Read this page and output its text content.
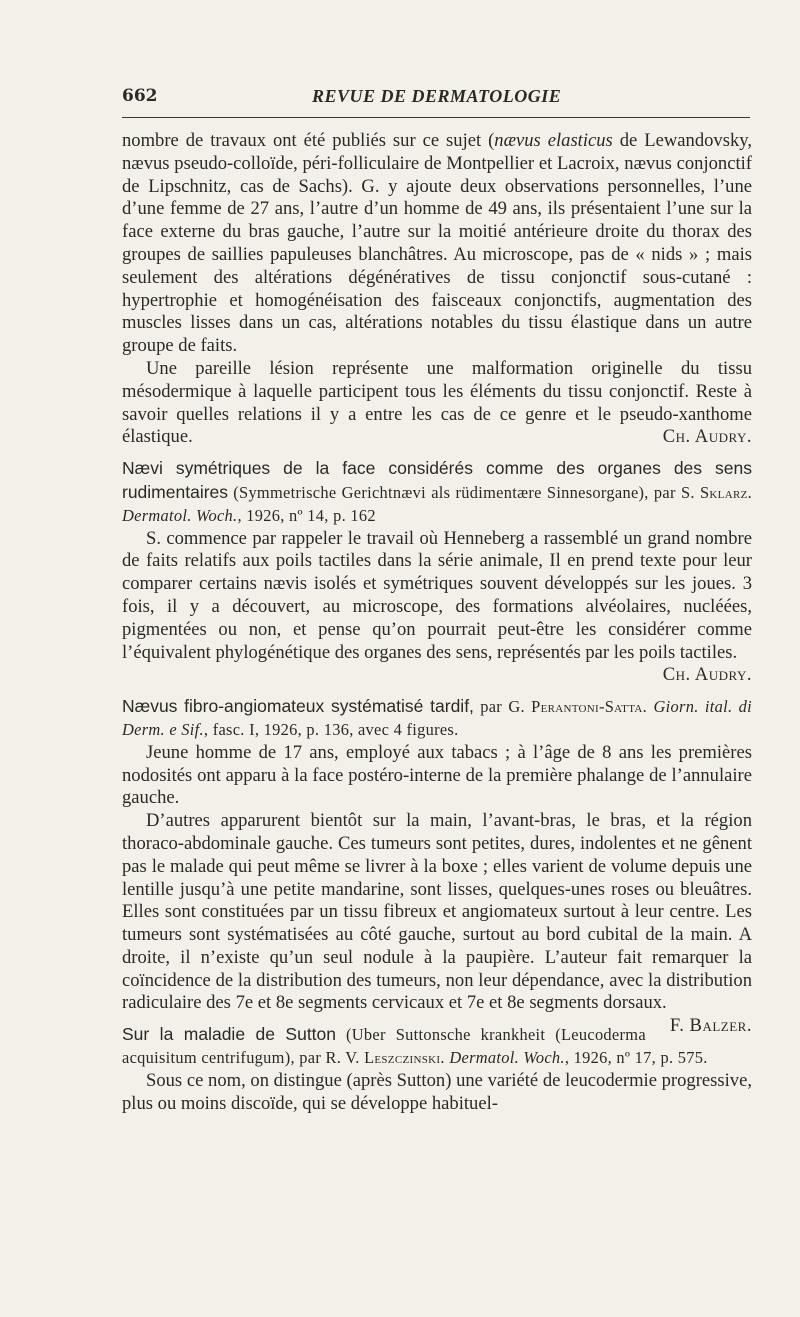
662	REVUE DE DERMATOLOGIE

nombre de travaux ont été publiés sur ce sujet (nævus elasticus de Lewandovsky, nævus pseudo-colloïde, péri-folliculaire de Montpellier et Lacroix, nævus conjonctif de Lipschnitz, cas de Sachs). G. y ajoute deux observations personnelles, l’une d’une femme de 27 ans, l’autre d’un homme de 49 ans, ils présentaient l’une sur la face externe du bras gauche, l’autre sur la moitié antérieure droite du thorax des groupes de saillies papuleuses blanchâtres. Au microscope, pas de « nids » ; mais seulement des altérations dégénératives de tissu conjonctif sous-cutané : hypertrophie et homogénéisation des faisceaux conjonctifs, augmentation des muscles lisses dans un cas, altérations notables du tissu élastique dans un autre groupe de faits.

Une pareille lésion représente une malformation originelle du tissu mésodermique à laquelle participent tous les éléments du tissu conjonctif. Reste à savoir quelles relations il y a entre les cas de ce genre et le pseudo-xanthome élastique.	Ch. Audry.

Nævi symétriques de la face considérés comme des organes des sens rudimentaires (Symmetrische Gerichtnævi als rüdimentære Sinnesorgane), par S. Sklarz. Dermatol. Woch., 1926, nº 14, p. 162

S. commence par rappeler le travail où Henneberg a rassemblé un grand nombre de faits relatifs aux poils tactiles dans la série animale, Il en prend texte pour leur comparer certains nævis isolés et symétriques souvent développés sur les joues. 3 fois, il y a découvert, au microscope, des formations alvéolaires, nucléées, pigmentées ou non, et pense qu’on pourrait peut-être les considérer comme l’équivalent phylogénétique des organes des sens, représentés par les poils tactiles.

Ch. Audry.

Nævus fibro-angiomateux systématisé tardif, par G. Perantoni-Satta. Giorn. ital. di Derm. e Sif., fasc. I, 1926, p. 136, avec 4 figures.

Jeune homme de 17 ans, employé aux tabacs ; à l’âge de 8 ans les premières nodosités ont apparu à la face postéro-interne de la première phalange de l’annulaire gauche.

D’autres apparurent bientôt sur la main, l’avant-bras, le bras, et la région thoraco-abdominale gauche. Ces tumeurs sont petites, dures, indolentes et ne gênent pas le malade qui peut même se livrer à la boxe ; elles varient de volume depuis une lentille jusqu’à une petite mandarine, sont lisses, quelques-unes roses ou bleuâtres. Elles sont constituées par un tissu fibreux et angiomateux surtout à leur centre. Les tumeurs sont systématisées au côté gauche, surtout au bord cubital de la main. A droite, il n’existe qu’un seul nodule à la paupière. L’auteur fait remarquer la coïncidence de la distribution des tumeurs, non leur dépendance, avec la distribution radiculaire des 7e et 8e segments cervicaux et 7e et 8e segments dorsaux.
F. Balzer.

Sur la maladie de Sutton (Uber Suttonsche krankheit (Leucoderma acquisitum centrifugum), par R. V. Leszczinski. Dermatol. Woch., 1926, nº 17, p. 575.

Sous ce nom, on distingue (après Sutton) une variété de leucodermie progressive, plus ou moins discoïde, qui se développe habituel-
